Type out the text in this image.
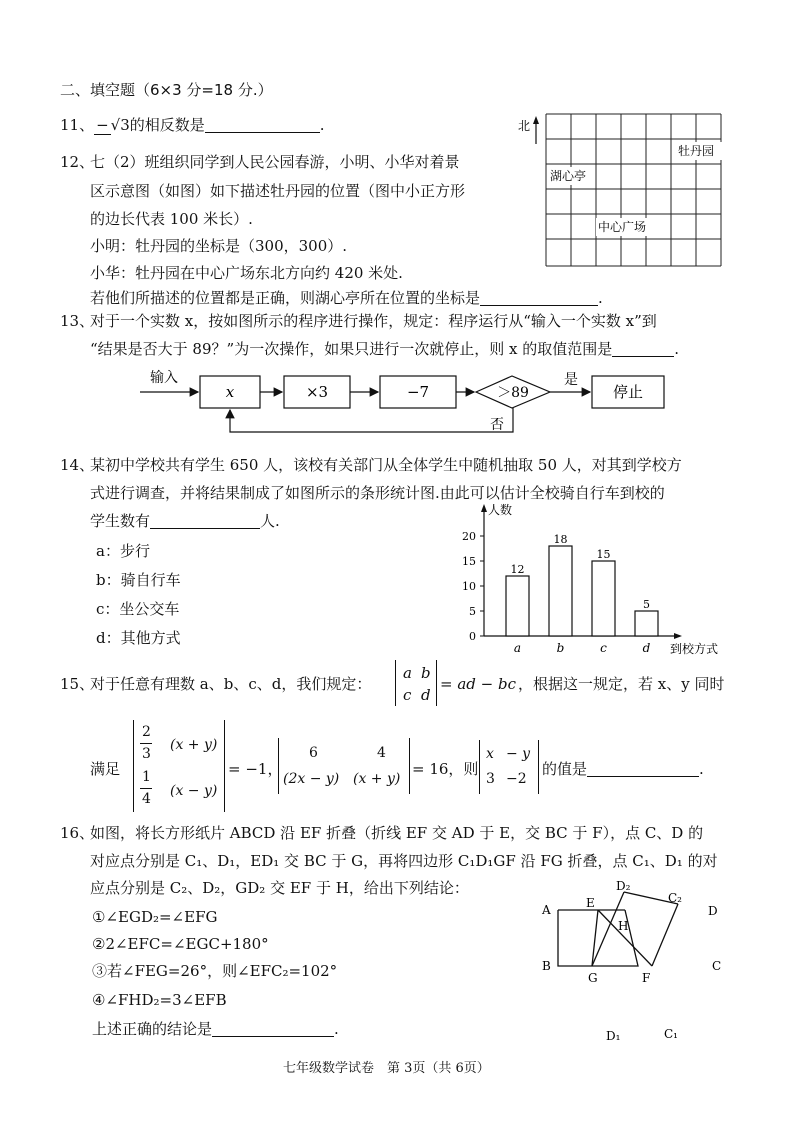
二、填空题（6×3 分=18 分.）
11、 − √3的相反数是	.
12、
七（2）班组织同学到人民公园春游，小明、小华对着景
区示意图（如图）如下描述牡丹园的位置（图中小正方形
的边长代表 100 米长）.
小明：牡丹园的坐标是（300，300）.
小华：牡丹园在中心广场东北方向约 420 米处.
若他们所描述的位置都是正确，则湖心亭所在位置的坐标是	.
北
牡丹园
湖心亭
中心广场
13、
对于一个实数 x，按如图所示的程序进行操作，规定：程序运行从“输入一个实数 x”到
“结果是否大于 89？”为一次操作，如果只进行一次就停止，则 x 的取值范围是	.
输入
x	×3	−7	＞89
是
停止
否
14、
某初中学校共有学生 650 人，该校有关部门从全体学生中随机抽取 50 人，对其到学校方
式进行调查，并将结果制成了如图所示的条形统计图.由此可以估计全校骑自行车到校的
学生数有	人.
a：步行
b：骑自行车
c：坐公交车
d：其他方式
人数
到校方式
0
5
10
15
20
12
a
18
b
15
c
5
d
15、
对于任意有理数 a、b、c、d，我们规定：
a b
c d
= ad − bc ，根据这一规定，若 x、y 同时
满足
2
3
(x + y)
1
4 (x − y)
= −1，
6	4
(2x − y) (x + y)
= 16，则
x − y
3 −2
的值是	.
16、
如图，将长方形纸片 ABCD 沿 EF 折叠（折线 EF 交 AD 于 E，交 BC 于 F），点 C、D 的
对应点分别是 C₁、D₁，ED₁ 交 BC 于 G，再将四边形 C₁D₁GF 沿 FG 折叠，点 C₁、D₁ 的对
应点分别是 C₂、D₂，GD₂ 交 EF 于 H，给出下列结论：
①∠EGD₂=∠EFG
②2∠EFC=∠EGC+180°
③若∠FEG=26°，则∠EFC₂=102°
④∠FHD₂=3∠EFB
上述正确的结论是	.
A
B	C
D
E
F
G
H
D₂
C₂
D₁	C₁
七年级数学试卷　第 3页（共 6页）
